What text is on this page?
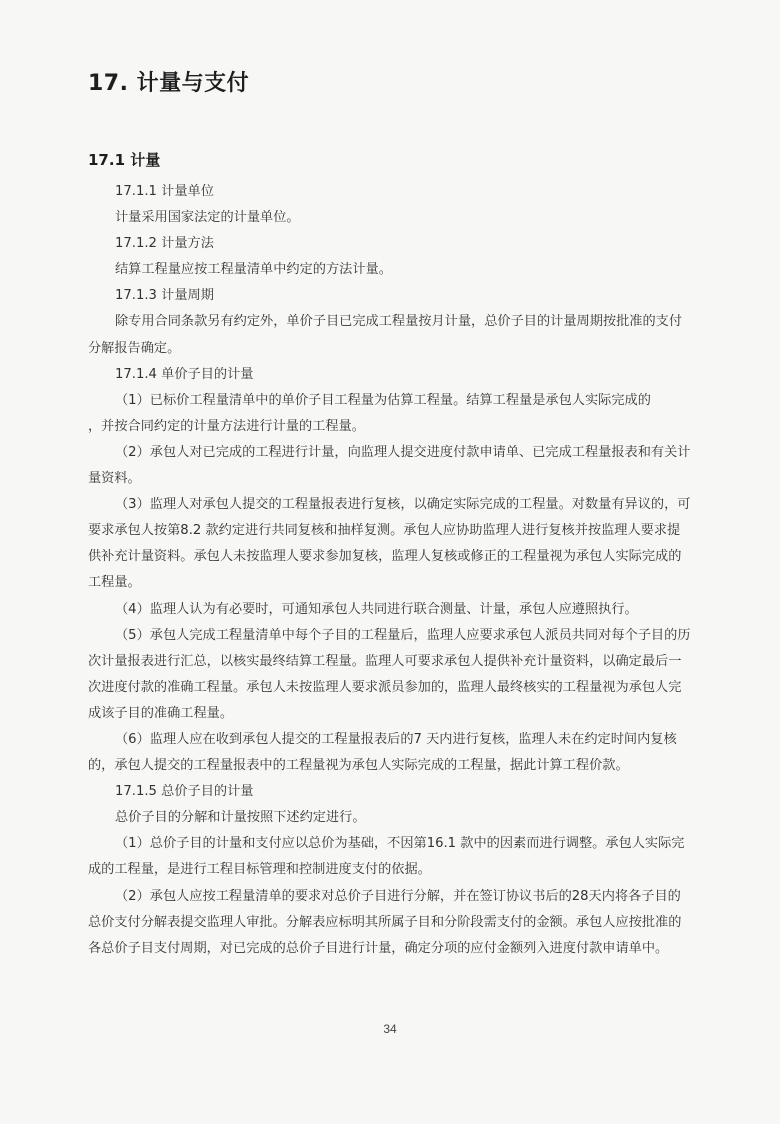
17. 计量与支付
17.1 计量

17.1.1 计量单位

计量采用国家法定的计量单位。

17.1.2 计量方法

结算工程量应按工程量清单中约定的方法计量。

17.1.3 计量周期

除专用合同条款另有约定外，单价子目已完成工程量按月计量，总价子目的计量周期按批准的支付分解报告确定。

17.1.4 单价子目的计量

（1）已标价工程量清单中的单价子目工程量为估算工程量。结算工程量是承包人实际完成的

，并按合同约定的计量方法进行计量的工程量。

（2）承包人对已完成的工程进行计量，向监理人提交进度付款申请单、已完成工程量报表和有关计量资料。

（3）监理人对承包人提交的工程量报表进行复核，以确定实际完成的工程量。对数量有异议的，可要求承包人按第8.2 款约定进行共同复核和抽样复测。承包人应协助监理人进行复核并按监理人要求提供补充计量资料。承包人未按监理人要求参加复核，监理人复核或修正的工程量视为承包人实际完成的工程量。

（4）监理人认为有必要时，可通知承包人共同进行联合测量、计量，承包人应遵照执行。

（5）承包人完成工程量清单中每个子目的工程量后，监理人应要求承包人派员共同对每个子目的历次计量报表进行汇总，以核实最终结算工程量。监理人可要求承包人提供补充计量资料，以确定最后一次进度付款的准确工程量。承包人未按监理人要求派员参加的，监理人最终核实的工程量视为承包人完成该子目的准确工程量。

（6）监理人应在收到承包人提交的工程量报表后的7 天内进行复核，监理人未在约定时间内复核的，承包人提交的工程量报表中的工程量视为承包人实际完成的工程量，据此计算工程价款。

17.1.5 总价子目的计量

总价子目的分解和计量按照下述约定进行。

（1）总价子目的计量和支付应以总价为基础，不因第16.1 款中的因素而进行调整。承包人实际完成的工程量，是进行工程目标管理和控制进度支付的依据。

（2）承包人应按工程量清单的要求对总价子目进行分解，并在签订协议书后的28天内将各子目的总价支付分解表提交监理人审批。分解表应标明其所属子目和分阶段需支付的金额。承包人应按批准的各总价子目支付周期，对已完成的总价子目进行计量，确定分项的应付金额列入进度付款申请单中。

34
